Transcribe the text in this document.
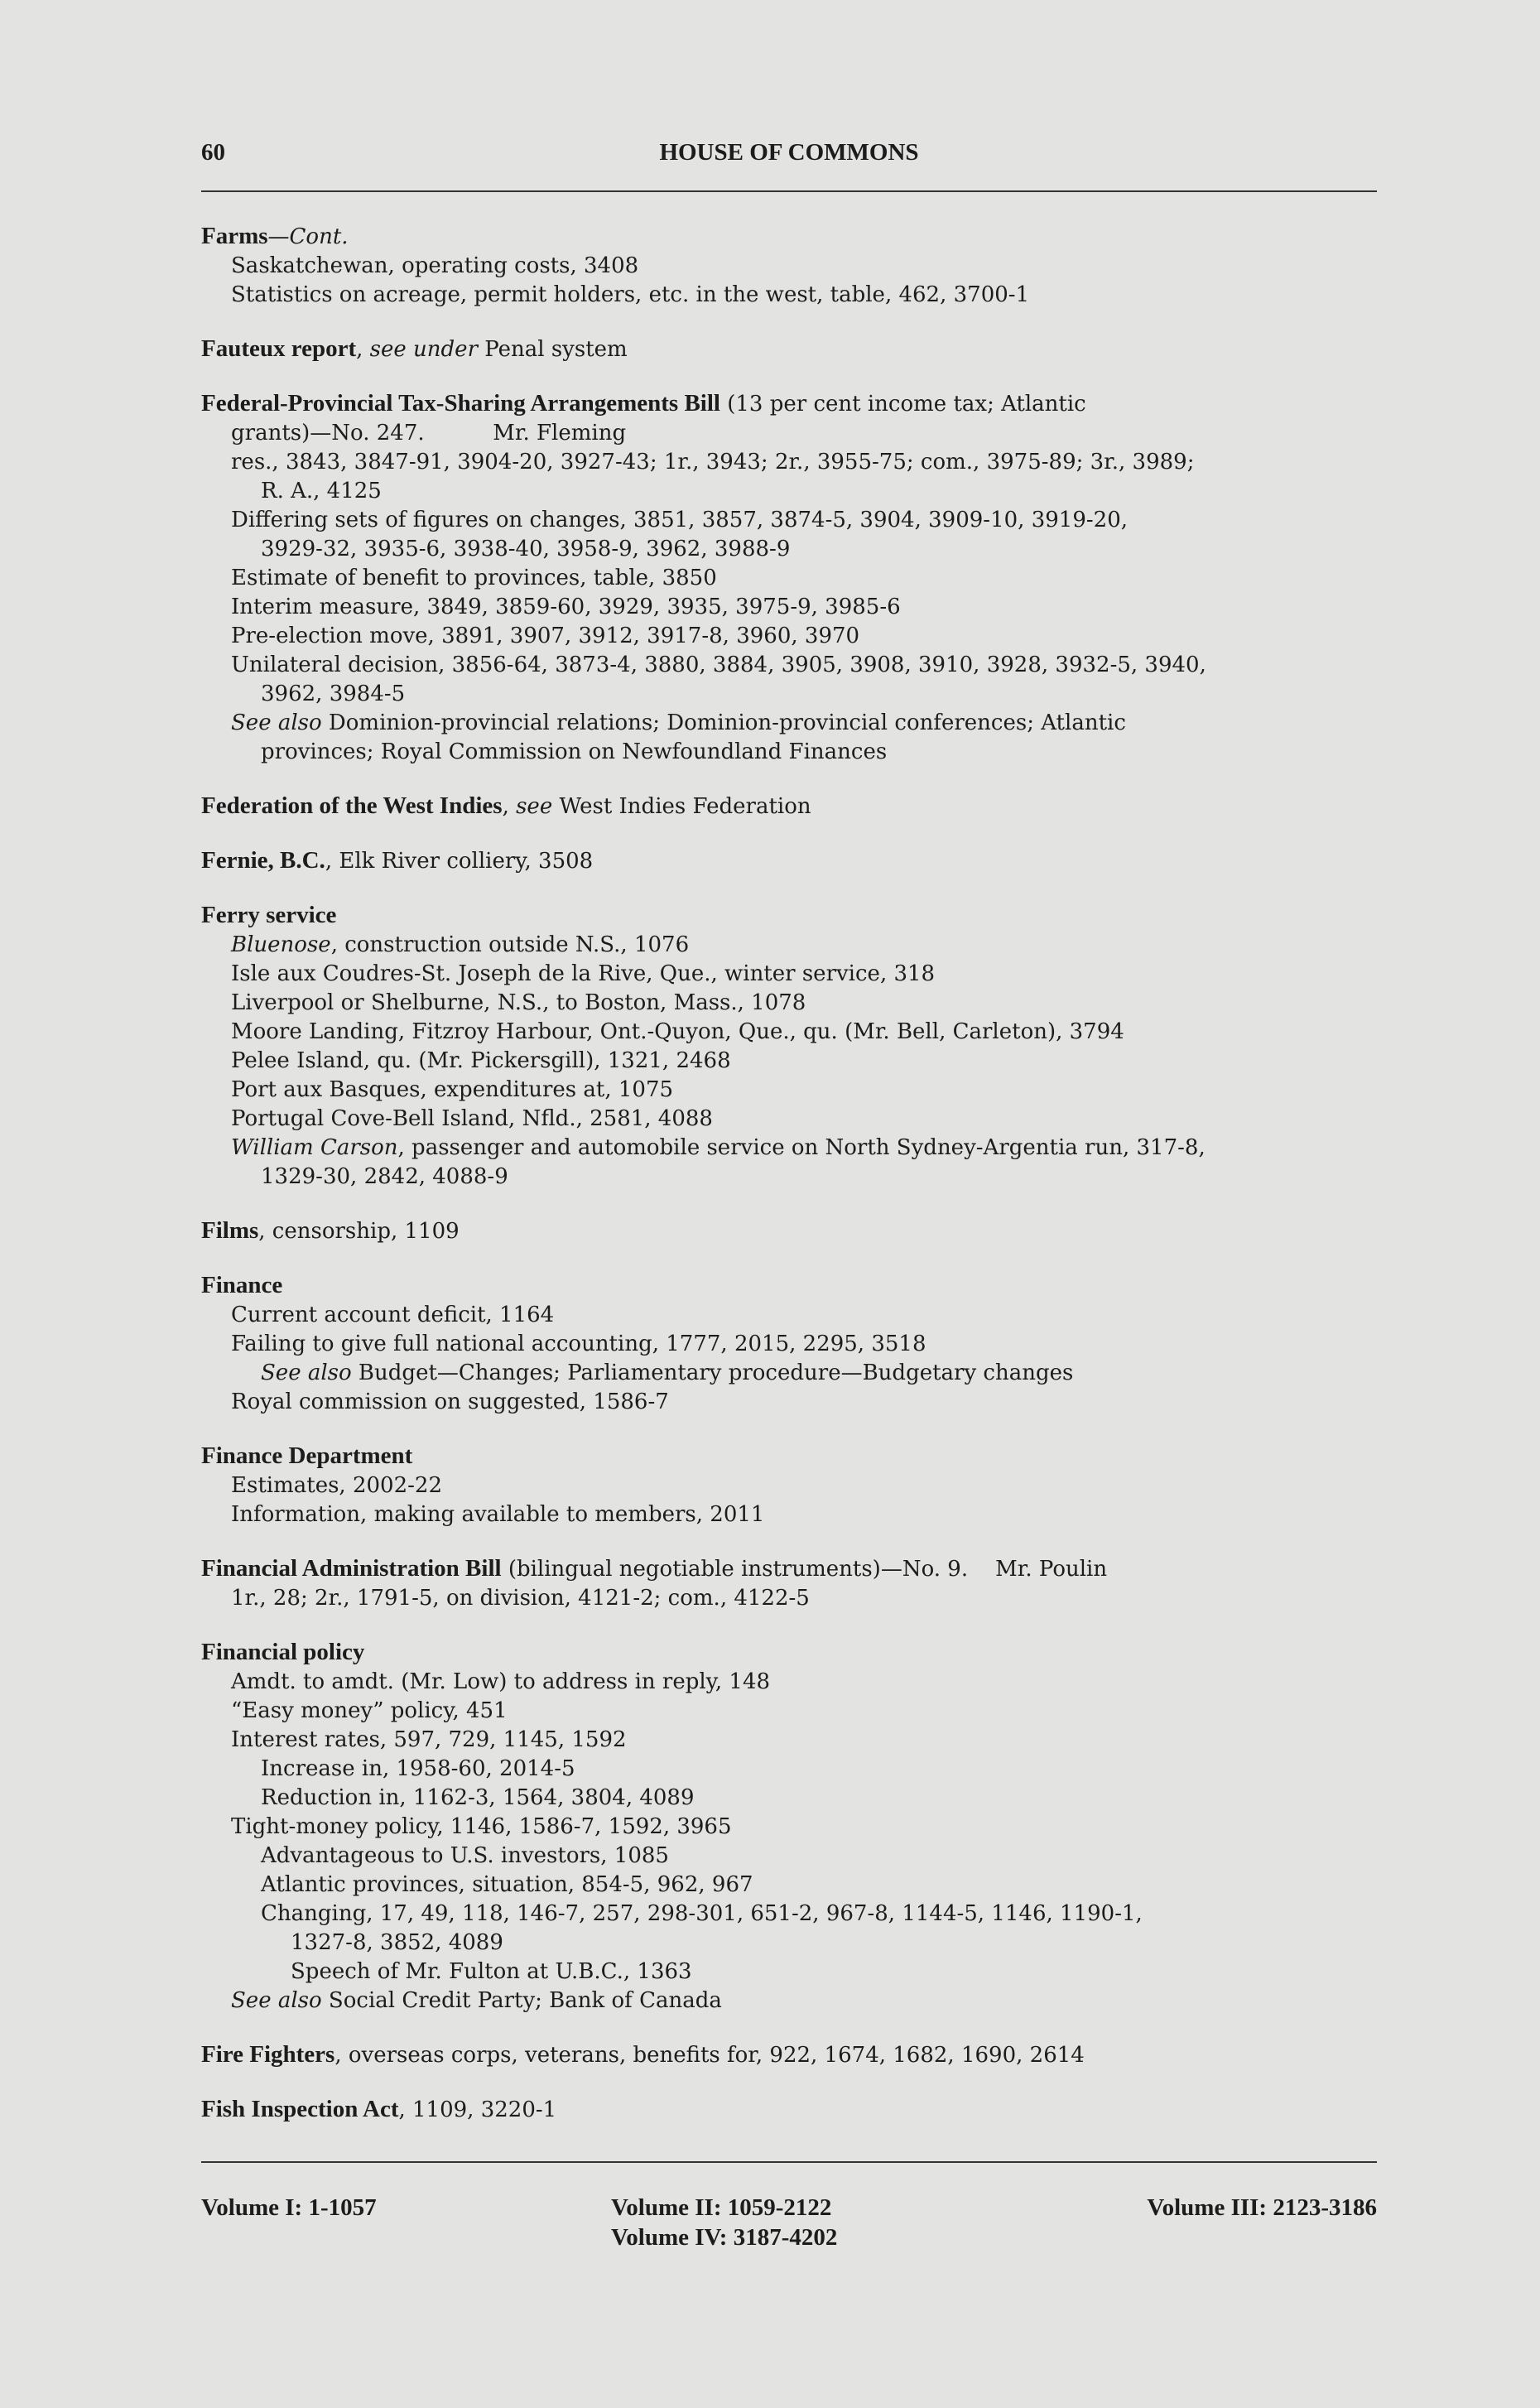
60	HOUSE OF COMMONS
Farms—Cont.
Saskatchewan, operating costs, 3408
Statistics on acreage, permit holders, etc. in the west, table, 462, 3700-1
Fauteux report, see under Penal system
Federal-Provincial Tax-Sharing Arrangements Bill (13 per cent income tax; Atlantic
grants)—No. 247.          Mr. Fleming
res., 3843, 3847-91, 3904-20, 3927-43; 1r., 3943; 2r., 3955-75; com., 3975-89; 3r., 3989;
R. A., 4125
Differing sets of figures on changes, 3851, 3857, 3874-5, 3904, 3909-10, 3919-20,
3929-32, 3935-6, 3938-40, 3958-9, 3962, 3988-9
Estimate of benefit to provinces, table, 3850
Interim measure, 3849, 3859-60, 3929, 3935, 3975-9, 3985-6
Pre-election move, 3891, 3907, 3912, 3917-8, 3960, 3970
Unilateral decision, 3856-64, 3873-4, 3880, 3884, 3905, 3908, 3910, 3928, 3932-5, 3940,
3962, 3984-5
See also Dominion-provincial relations; Dominion-provincial conferences; Atlantic
provinces; Royal Commission on Newfoundland Finances
Federation of the West Indies, see West Indies Federation
Fernie, B.C., Elk River colliery, 3508
Ferry service
Bluenose, construction outside N.S., 1076
Isle aux Coudres-St. Joseph de la Rive, Que., winter service, 318
Liverpool or Shelburne, N.S., to Boston, Mass., 1078
Moore Landing, Fitzroy Harbour, Ont.-Quyon, Que., qu. (Mr. Bell, Carleton), 3794
Pelee Island, qu. (Mr. Pickersgill), 1321, 2468
Port aux Basques, expenditures at, 1075
Portugal Cove-Bell Island, Nfld., 2581, 4088
William Carson, passenger and automobile service on North Sydney-Argentia run, 317-8,
1329-30, 2842, 4088-9
Films, censorship, 1109
Finance
Current account deficit, 1164
Failing to give full national accounting, 1777, 2015, 2295, 3518
See also Budget—Changes; Parliamentary procedure—Budgetary changes
Royal commission on suggested, 1586-7
Finance Department
Estimates, 2002-22
Information, making available to members, 2011
Financial Administration Bill (bilingual negotiable instruments)—No. 9.    Mr. Poulin
1r., 28; 2r., 1791-5, on division, 4121-2; com., 4122-5
Financial policy
Amdt. to amdt. (Mr. Low) to address in reply, 148
“Easy money” policy, 451
Interest rates, 597, 729, 1145, 1592
Increase in, 1958-60, 2014-5
Reduction in, 1162-3, 1564, 3804, 4089
Tight-money policy, 1146, 1586-7, 1592, 3965
Advantageous to U.S. investors, 1085
Atlantic provinces, situation, 854-5, 962, 967
Changing, 17, 49, 118, 146-7, 257, 298-301, 651-2, 967-8, 1144-5, 1146, 1190-1,
1327-8, 3852, 4089
Speech of Mr. Fulton at U.B.C., 1363
See also Social Credit Party; Bank of Canada
Fire Fighters, overseas corps, veterans, benefits for, 922, 1674, 1682, 1690, 2614
Fish Inspection Act, 1109, 3220-1
Volume I: 1-1057	Volume II: 1059-2122
Volume IV: 3187-4202
Volume III: 2123-3186
